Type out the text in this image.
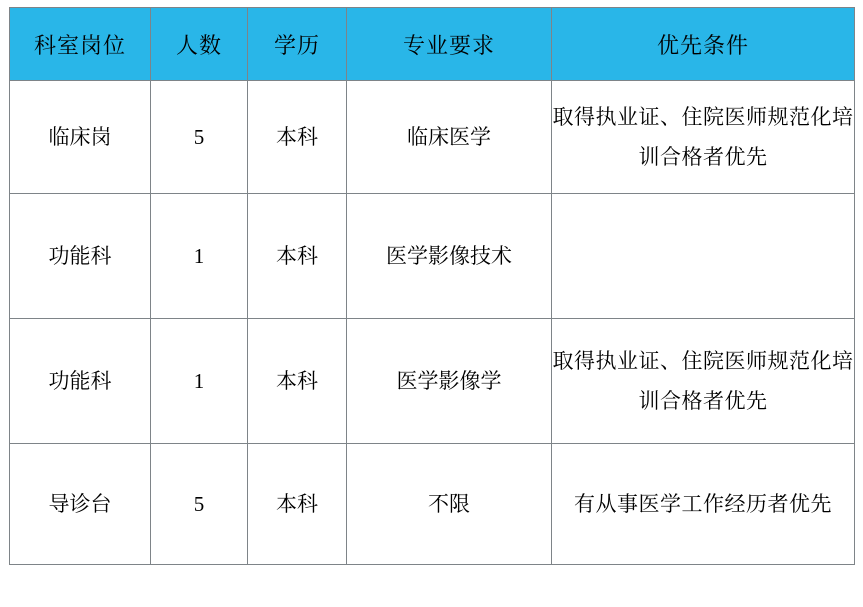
科室岗位	人数	学历	专业要求	优先条件
临床岗	5	本科	临床医学	取得执业证、住院医师规范化培训合格者优先
功能科	1	本科	医学影像技术	
功能科	1	本科	医学影像学	取得执业证、住院医师规范化培训合格者优先
导诊台	5	本科	不限	有从事医学工作经历者优先
